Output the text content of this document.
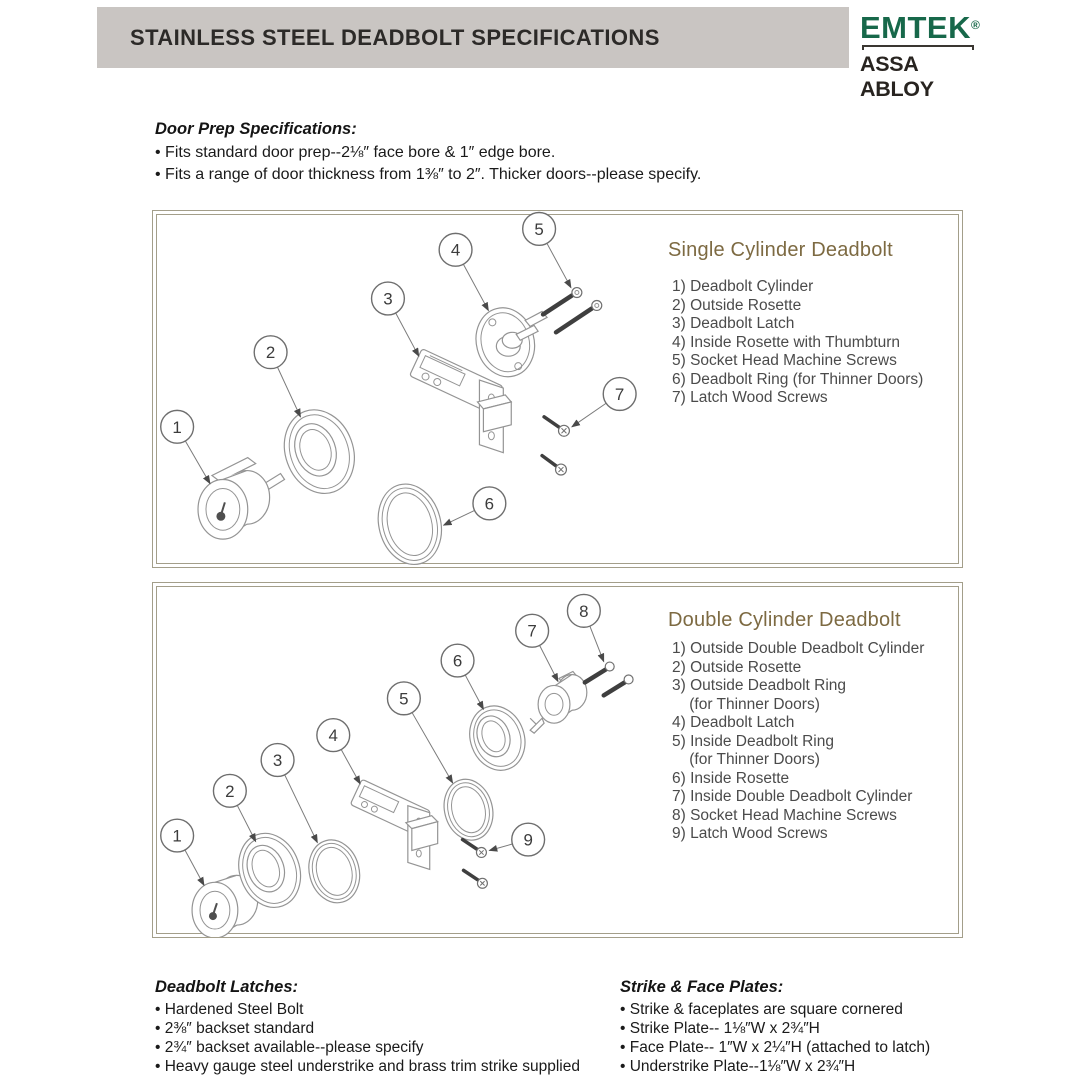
STAINLESS STEEL DEADBOLT SPECIFICATIONS	EMTEK®
ASSA ABLOY
Door Prep Specifications:
• Fits standard door prep--2⅛″ face bore & 1″ edge bore.
• Fits a range of door thickness from 1⅜″ to 2″. Thicker doors--please specify.
1
2
3
4
5
6
7
Single Cylinder Deadbolt
1) Deadbolt Cylinder
2) Outside Rosette
3) Deadbolt Latch
4) Inside Rosette with Thumbturn
5) Socket Head Machine Screws
6) Deadbolt Ring (for Thinner Doors)
7) Latch Wood Screws
1
2
3
4
5
6
7
8
9
Double Cylinder Deadbolt
1) Outside Double Deadbolt Cylinder
2) Outside Rosette
3) Outside Deadbolt Ring
(for Thinner Doors)
4) Deadbolt Latch
5) Inside Deadbolt Ring
(for Thinner Doors)
6) Inside Rosette
7) Inside Double Deadbolt Cylinder
8) Socket Head Machine Screws
9) Latch Wood Screws
Deadbolt Latches:
• Hardened Steel Bolt
• 2⅜″ backset standard
• 2¾″ backset available--please specify
• Heavy gauge steel understrike and brass trim strike supplied
Strike & Face Plates:
• Strike & faceplates are square cornered
• Strike Plate-- 1⅛″W x 2¾″H
• Face Plate-- 1″W x 2¼″H (attached to latch)
• Understrike Plate--1⅛″W x 2¾″H
